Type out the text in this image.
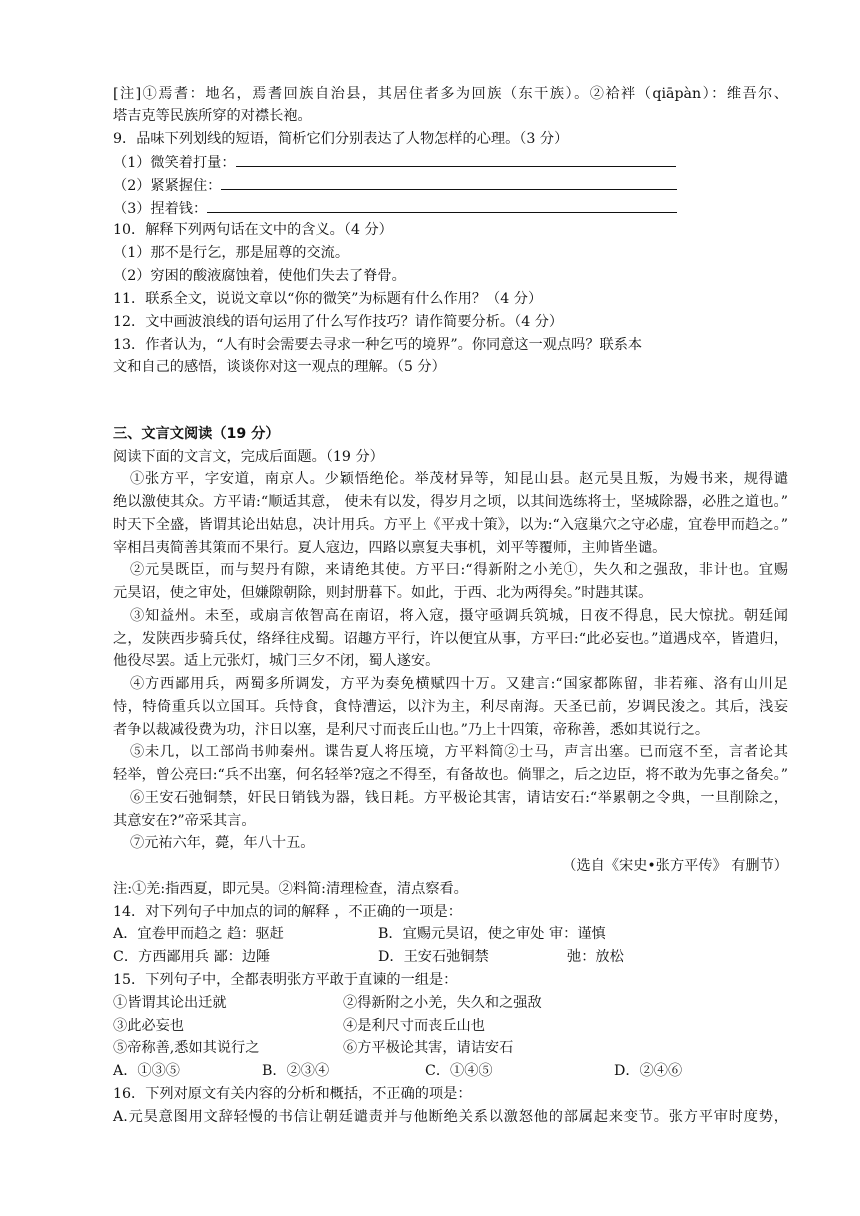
[注]①焉耆：地名，焉耆回族自治县，其居住者多为回族（东干族）。②袷袢（qiāpàn）：维吾尔、
塔吉克等民族所穿的对襟长袍。
9．品味下列划线的短语，简析它们分别表达了人物怎样的心理。（3 分）
（1）微笑着打量：
（2）紧紧握住：
（3）捏着钱：
10．解释下列两句话在文中的含义。（4 分）
（1）那不是行乞，那是屈尊的交流。
（2）穷困的酸液腐蚀着，使他们失去了脊骨。
11．联系全文，说说文章以“你的微笑”为标题有什么作用？（4 分）
12．文中画波浪线的语句运用了什么写作技巧？请作简要分析。（4 分）
13．作者认为，“人有时会需要去寻求一种乞丐的境界”。你同意这一观点吗？联系本
文和自己的感悟，谈谈你对这一观点的理解。（5 分）
三、文言文阅读（19 分）
阅读下面的文言文，完成后面题。（19 分）
①张方平，字安道，南京人。少颖悟绝伦。举茂材异等，知昆山县。赵元昊且叛，为嫚书来，规得谴
绝以激使其众。方平请:“顺适其意， 使未有以发，得岁月之顷，以其间选练将士，坚城除器，必胜之道也。”
时天下全盛，皆谓其论出姑息，决计用兵。方平上《平戎十策》，以为:“入寇巢穴之守必虚，宜卷甲而趋之。”
宰相吕夷简善其策而不果行。夏人寇边，四路以禀复夫事机，刘平等覆师，主帅皆坐谴。
②元昊既臣，而与契丹有隙，来请绝其使。方平曰:“得新附之小羌①，失久和之强敌，非计也。宜赐
元昊诏，使之审处，但嫌隙朝除，则封册暮下。如此，于西、北为两得矣。”时韪其谋。
③知益州。未至，或扇言侬智高在南诏，将入寇，摄守亟调兵筑城，日夜不得息，民大惊扰。朝廷闻
之，发陕西步骑兵仗，络绎往戍蜀。诏趣方平行，许以便宜从事，方平曰:“此必妄也。”道遇戍卒，皆遣归，
他役尽罢。适上元张灯，城门三夕不闭，蜀人遂安。
④方西鄙用兵，两蜀多所调发，方平为奏免横赋四十万。又建言:“国家都陈留，非若雍、洛有山川足
恃，特倚重兵以立国耳。兵恃食，食恃漕运，以汴为主，利尽南海。天圣已前，岁调民浚之。其后，浅妄
者争以裁减役费为功，汴日以塞，是利尺寸而丧丘山也。”乃上十四策，帝称善，悉如其说行之。
⑤未几，以工部尚书帅秦州。谍告夏人将压境，方平料简②士马，声言出塞。已而寇不至，言者论其
轻举，曾公亮曰:“兵不出塞，何名轻举?寇之不得至，有备故也。倘罪之，后之边臣，将不敢为先事之备矣。”
⑥王安石弛铜禁，奸民日销钱为器，钱日耗。方平极论其害，请诘安石:“举累朝之令典，一旦削除之，
其意安在?”帝采其言。
⑦元祐六年，薨，年八十五。
（选自《宋史•张方平传》 有删节）
注:①羌:指西夏，即元昊。②料简:清理检查，清点察看。
14．对下列句子中加点的词的解释 ，不正确的一项是：
A．宜卷甲而趋之 趋：驱赶	B．宜赐元昊诏，使之审处 审：谨慎
C．方西鄙用兵 鄙：边陲	D．王安石弛铜禁	弛：放松
15．下列句子中，全都表明张方平敢于直谏的一组是：
①皆谓其论出迁就	②得新附之小羌，失久和之强敌
③此必妄也	④是利尺寸而丧丘山也
⑤帝称善,悉如其说行之	⑥方平极论其害，请诘安石
A．①③⑤	B．②③④	C．①④⑤	D．②④⑥
16．下列对原文有关内容的分析和概括，不正确的项是：
A.元昊意图用文辞轻慢的书信让朝廷谴责并与他断绝关系以激怒他的部属起来变节。张方平审时度势，
